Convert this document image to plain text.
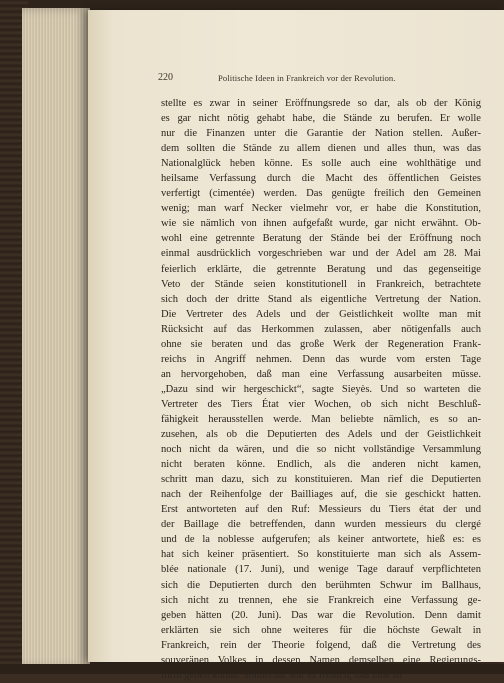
220	Politische Ideen in Frankreich vor der Revolution.
stellte es zwar in seiner Eröffnungsrede so dar, als ob der König
es gar nicht nötig gehabt habe, die Stände zu berufen. Er wolle
nur die Finanzen unter die Garantie der Nation stellen. Außer-
dem sollten die Stände zu allem dienen und alles thun, was das
Nationalglück heben könne. Es solle auch eine wohlthätige und
heilsame Verfassung durch die Macht des öffentlichen Geistes
verfertigt (cimentée) werden. Das genügte freilich den Gemeinen
wenig; man warf Necker vielmehr vor, er habe die Konstitution,
wie sie nämlich von ihnen aufgefaßt wurde, gar nicht erwähnt. Ob-
wohl eine getrennte Beratung der Stände bei der Eröffnung noch
einmal ausdrücklich vorgeschrieben war und der Adel am 28. Mai
feierlich erklärte, die getrennte Beratung und das gegenseitige
Veto der Stände seien konstitutionell in Frankreich, betrachtete
sich doch der dritte Stand als eigentliche Vertretung der Nation.
Die Vertreter des Adels und der Geistlichkeit wollte man mit
Rücksicht auf das Herkommen zulassen, aber nötigenfalls auch
ohne sie beraten und das große Werk der Regeneration Frank-
reichs in Angriff nehmen. Denn das wurde vom ersten Tage
an hervorgehoben, daß man eine Verfassung ausarbeiten müsse.
„Dazu sind wir hergeschickt“, sagte Sieyès. Und so warteten die
Vertreter des Tiers État vier Wochen, ob sich nicht Beschluß-
fähigkeit herausstellen werde. Man beliebte nämlich, es so an-
zusehen, als ob die Deputierten des Adels und der Geistlichkeit
noch nicht da wären, und die so nicht vollständige Versammlung
nicht beraten könne. Endlich, als die anderen nicht kamen,
schritt man dazu, sich zu konstituieren. Man rief die Deputierten
nach der Reihenfolge der Bailliages auf, die sie geschickt hatten.
Erst antworteten auf den Ruf: Messieurs du Tiers état der und
der Baillage die betreffenden, dann wurden messieurs du clergé
und de la noblesse aufgerufen; als keiner antwortete, hieß es: es
hat sich keiner präsentiert. So konstituierte man sich als Assem-
blée nationale (17. Juni), und wenige Tage darauf verpflichteten
sich die Deputierten durch den berühmten Schwur im Ballhaus,
sich nicht zu trennen, ehe sie Frankreich eine Verfassung ge-
geben hätten (20. Juni). Das war die Revolution. Denn damit
erklärten sie sich ohne weiteres für die höchste Gewalt in
Frankreich, rein der Theorie folgend, daß die Vertretung des
souveränen Volkes in dessen Namen demselben eine Regierungs-
form geben könne. Sonderbar war es freilich, daß eine so
